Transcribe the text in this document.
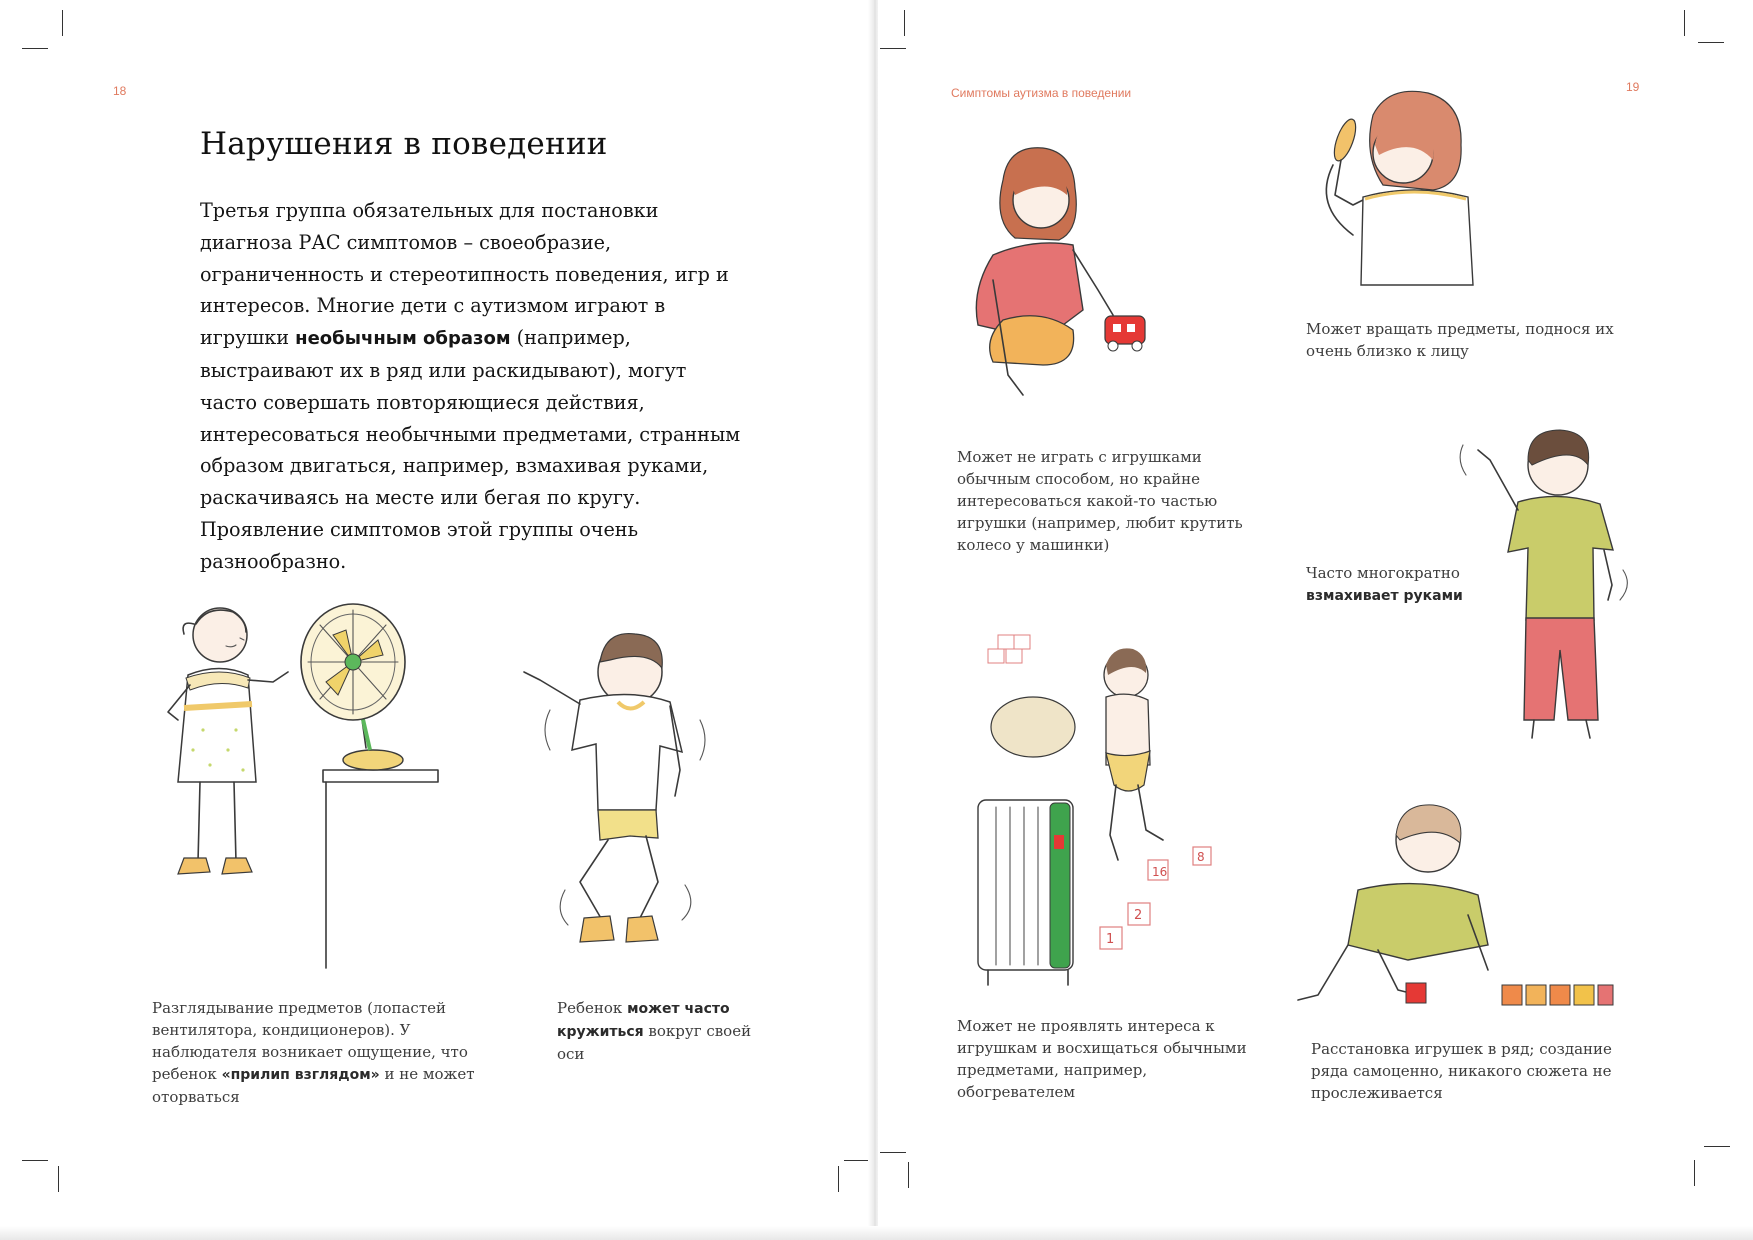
18
Нарушения в поведении

Третья группа обязательных для постановки диагноза РАС симптомов – своеобразие, ограниченность и стереотипность поведения, игр и интересов. Многие дети с аутизмом играют в игрушки необычным образом (например, выстраивают их в ряд или раскидывают), могут часто совершать повторяющиеся действия, интересоваться необычными предметами, странным образом двигаться, например, взмахивая руками, раскачиваясь на месте или бегая по кругу. Проявление симптомов этой группы очень разнообразно.

Разглядывание предметов (лопастей вентилятора, кондиционеров). У наблюдателя возникает ощущение, что ребенок «прилип взглядом» и не может оторваться

Ребенок может часто кружиться вокруг своей оси

Симптомы аутизма в поведении	19

Может не играть с игрушками обычным способом, но крайне интересоваться какой-то частью игрушки (например, любит крутить колесо у машинки)

Может вращать предметы, поднося их очень близко к лицу

Часто многократно взмахивает руками

16
8
2
1

Может не проявлять интереса к игрушкам и восхищаться обычными предметами, например, обогревателем

Расстановка игрушек в ряд; создание ряда самоценно, никакого сюжета не прослеживается
